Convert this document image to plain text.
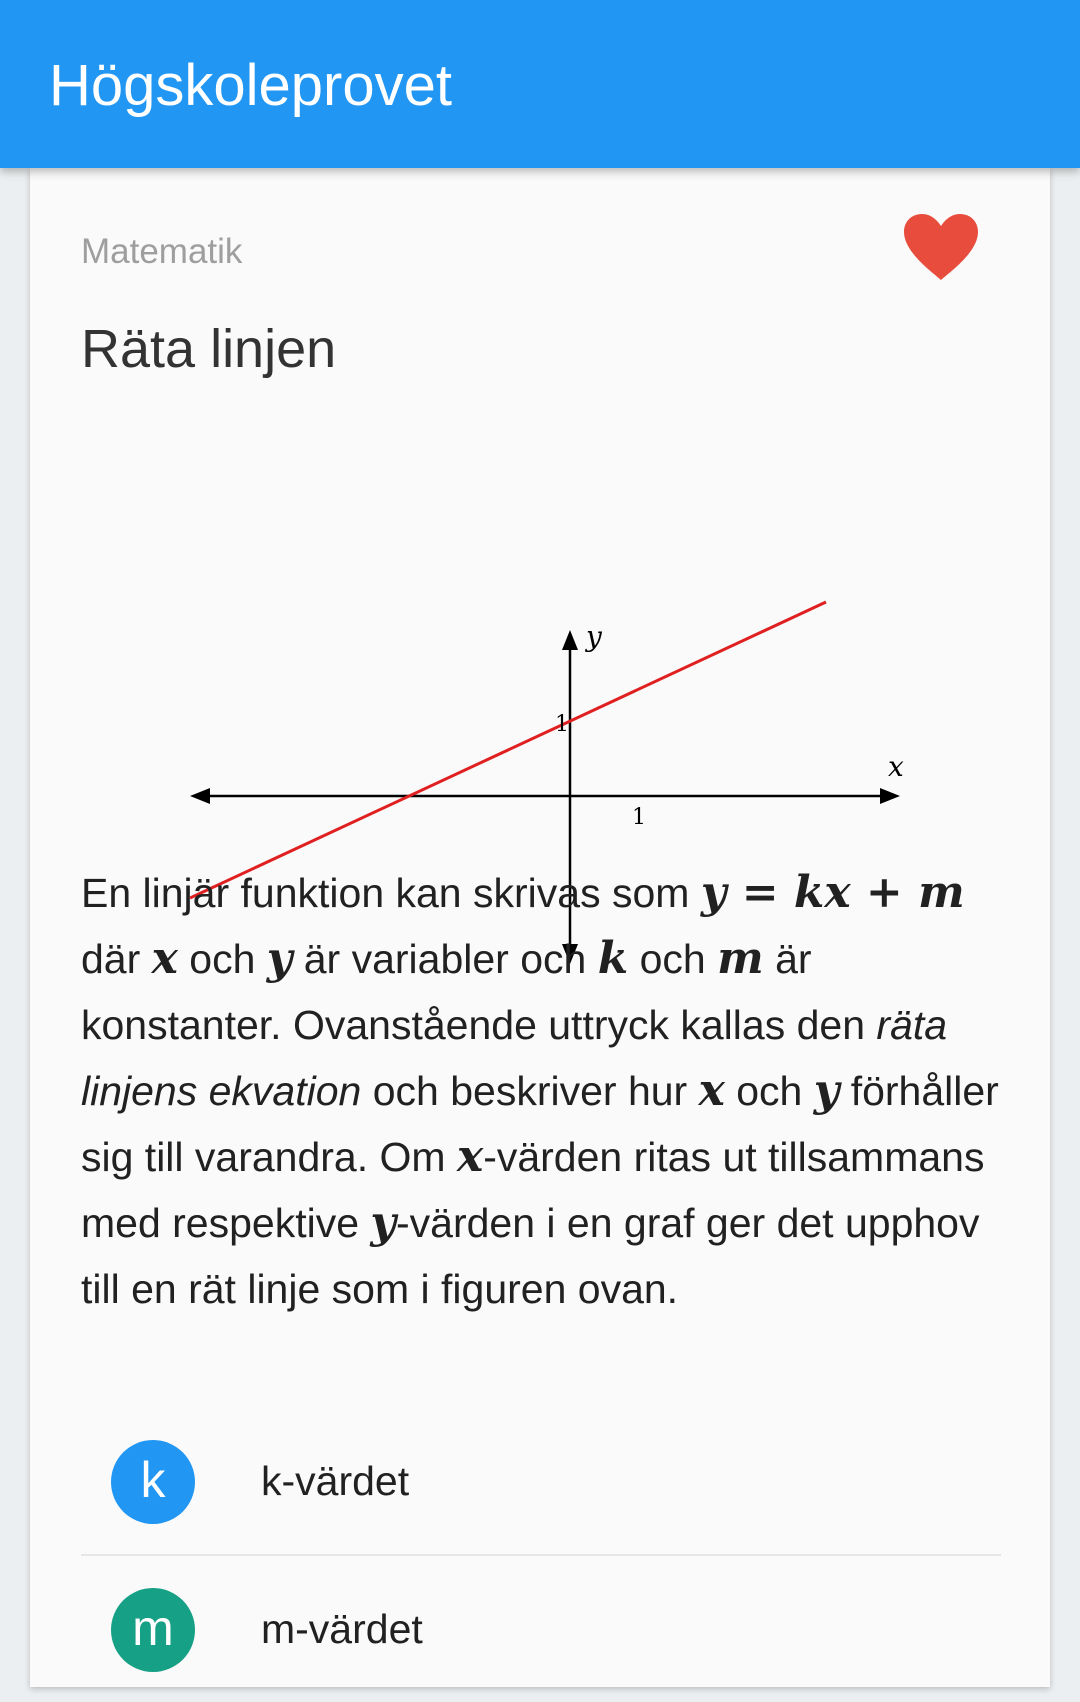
Högskoleprovet
Matematik
Räta linjen
y
x
1
1
En linjär funktion kan skrivas som y = kx + m där x och y är variabler och k och m är konstanter. Ovanstående uttryck kallas den räta linjens ekvation och beskriver hur x och y förhåller sig till varandra. Om x-värden ritas ut tillsammans med respektive y-värden i en graf ger det upphov till en rät linje som i figuren ovan.
k	k-värdet
m	m-värdet
